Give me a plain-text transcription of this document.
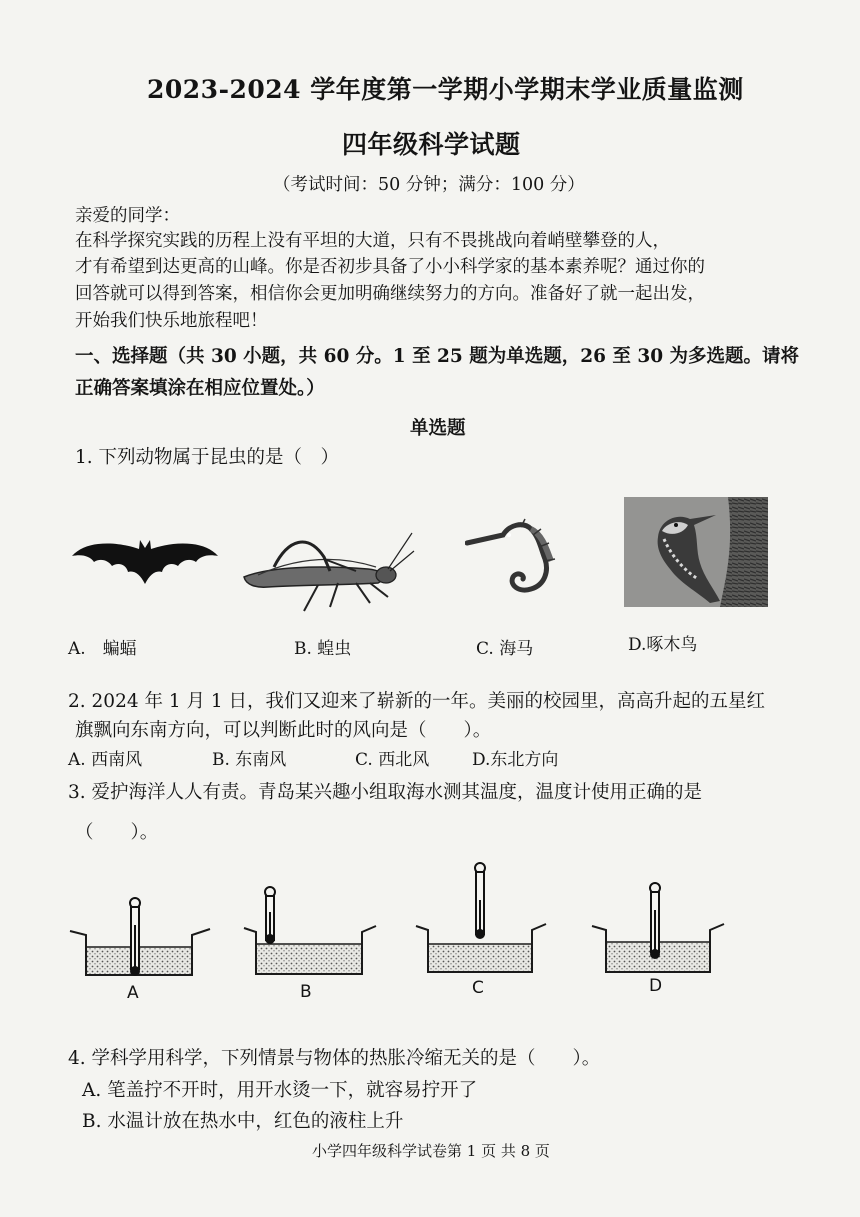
2023-2024 学年度第一学期小学期末学业质量监测
四年级科学试题
（考试时间：50 分钟；满分：100 分）
亲爱的同学：
在科学探究实践的历程上没有平坦的大道，只有不畏挑战向着峭壁攀登的人，
才有希望到达更高的山峰。你是否初步具备了小小科学家的基本素养呢？通过你的
回答就可以得到答案，相信你会更加明确继续努力的方向。准备好了就一起出发，
开始我们快乐地旅程吧！
一、选择题（共 30 小题，共 60 分。1 至 25 题为单选题，26 至 30 为多选题。请将
正确答案填涂在相应位置处。）
单选题
1. 下列动物属于昆虫的是（　）
A.　蝙蝠	B. 蝗虫	C. 海马	D.啄木鸟
2. 2024 年 1 月 1 日，我们又迎来了崭新的一年。美丽的校园里，高高升起的五星红
旗飘向东南方向，可以判断此时的风向是（　　）。
A. 西南风	B. 东南风	C. 西北风	D.东北方向
3. 爱护海洋人人有责。青岛某兴趣小组取海水测其温度，温度计使用正确的是
（　　）。
A	B	C	D
4. 学科学用科学，下列情景与物体的热胀冷缩无关的是（　　）。
A. 笔盖拧不开时，用开水烫一下，就容易拧开了
B. 水温计放在热水中，红色的液柱上升
小学四年级科学试卷第 1 页 共 8 页
